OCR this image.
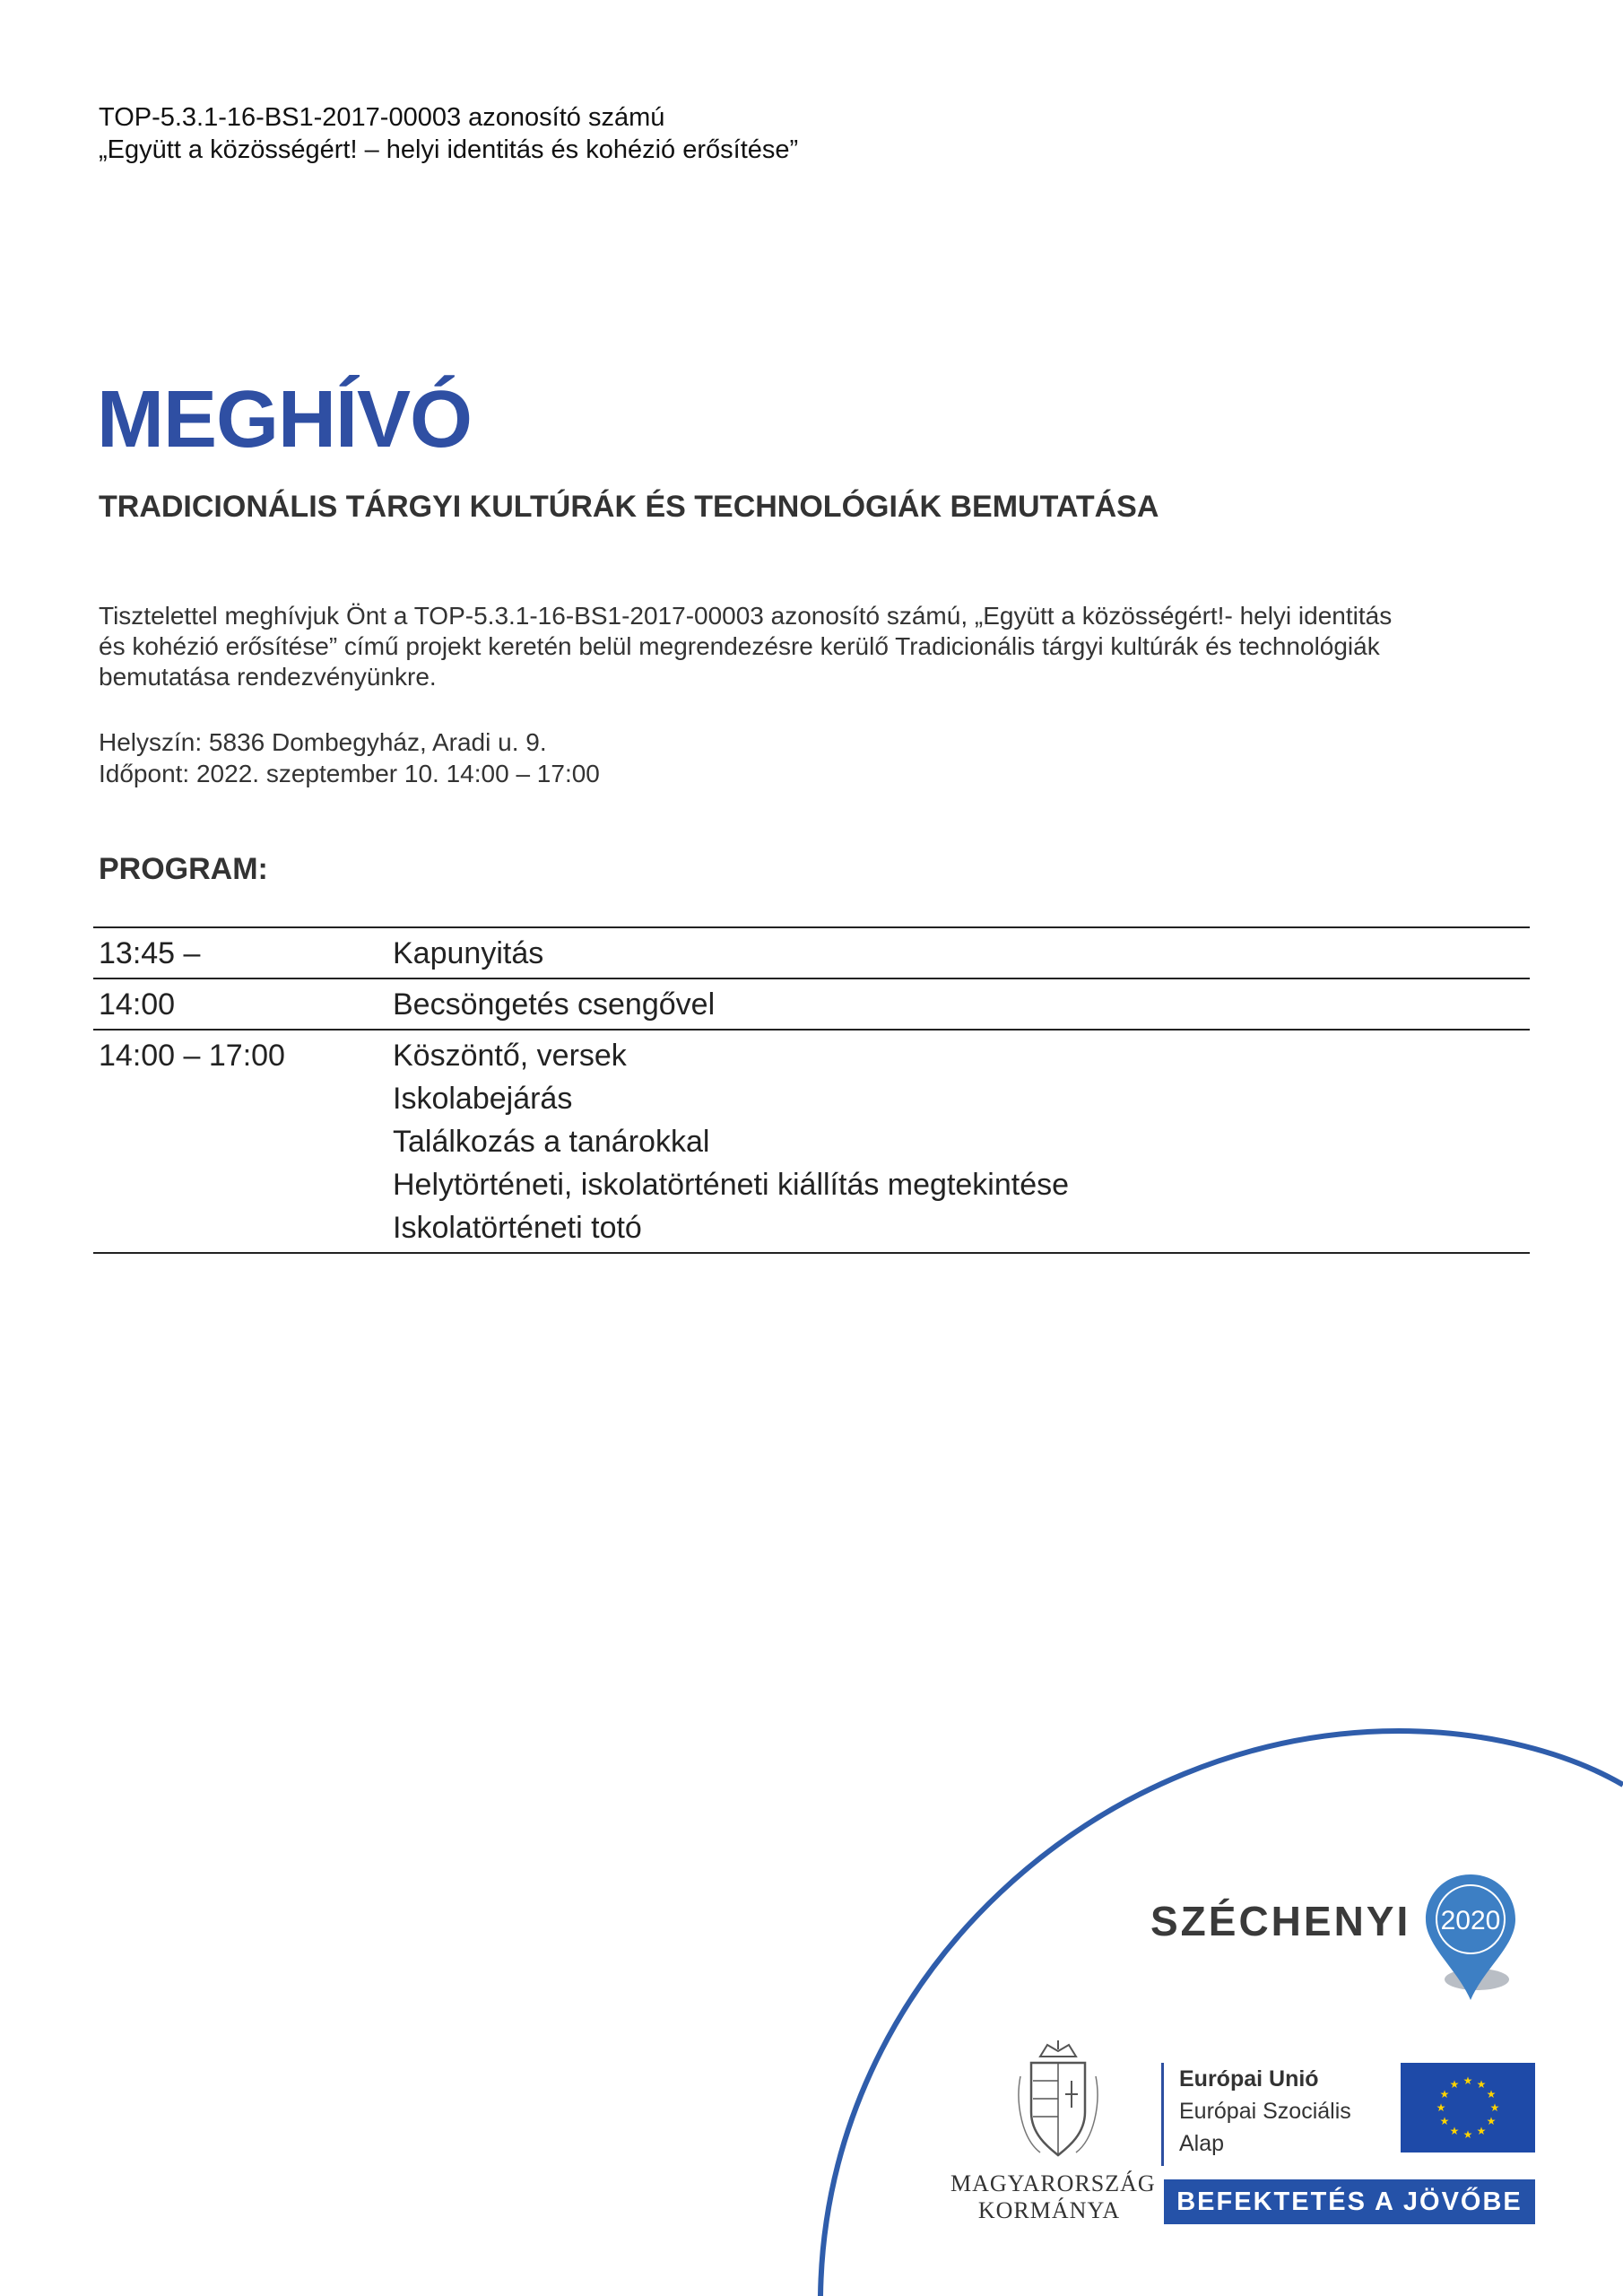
TOP-5.3.1-16-BS1-2017-00003 azonosító számú
„Együtt a közösségért! – helyi identitás és kohézió erősítése”
MEGHÍVÓ
TRADICIONÁLIS TÁRGYI KULTÚRÁK ÉS TECHNOLÓGIÁK BEMUTATÁSA
Tisztelettel meghívjuk Önt a TOP-5.3.1-16-BS1-2017-00003 azonosító számú, „Együtt a közösségért!- helyi identitás
és kohézió erősítése” című projekt keretén belül megrendezésre kerülő Tradicionális tárgyi kultúrák és technológiák
bemutatása rendezvényünkre.
Helyszín: 5836 Dombegyház, Aradi u. 9.
Időpont: 2022. szeptember 10. 14:00 – 17:00
PROGRAM:
13:45 –	Kapunyitás

14:00	Becsöngetés csengővel

14:00 – 17:00	Köszöntő, versek
Iskolabejárás
Találkozás a tanárokkal
Helytörténeti, iskolatörténeti kiállítás megtekintése
Iskolatörténeti totó
SZÉCHENYI 2020
MAGYARORSZÁG
KORMÁNYA
Európai Unió
Európai Szociális
Alap
★ ★
★
★
★
★
★
★
★
★
★
★
BEFEKTETÉS A JÖVŐBE
